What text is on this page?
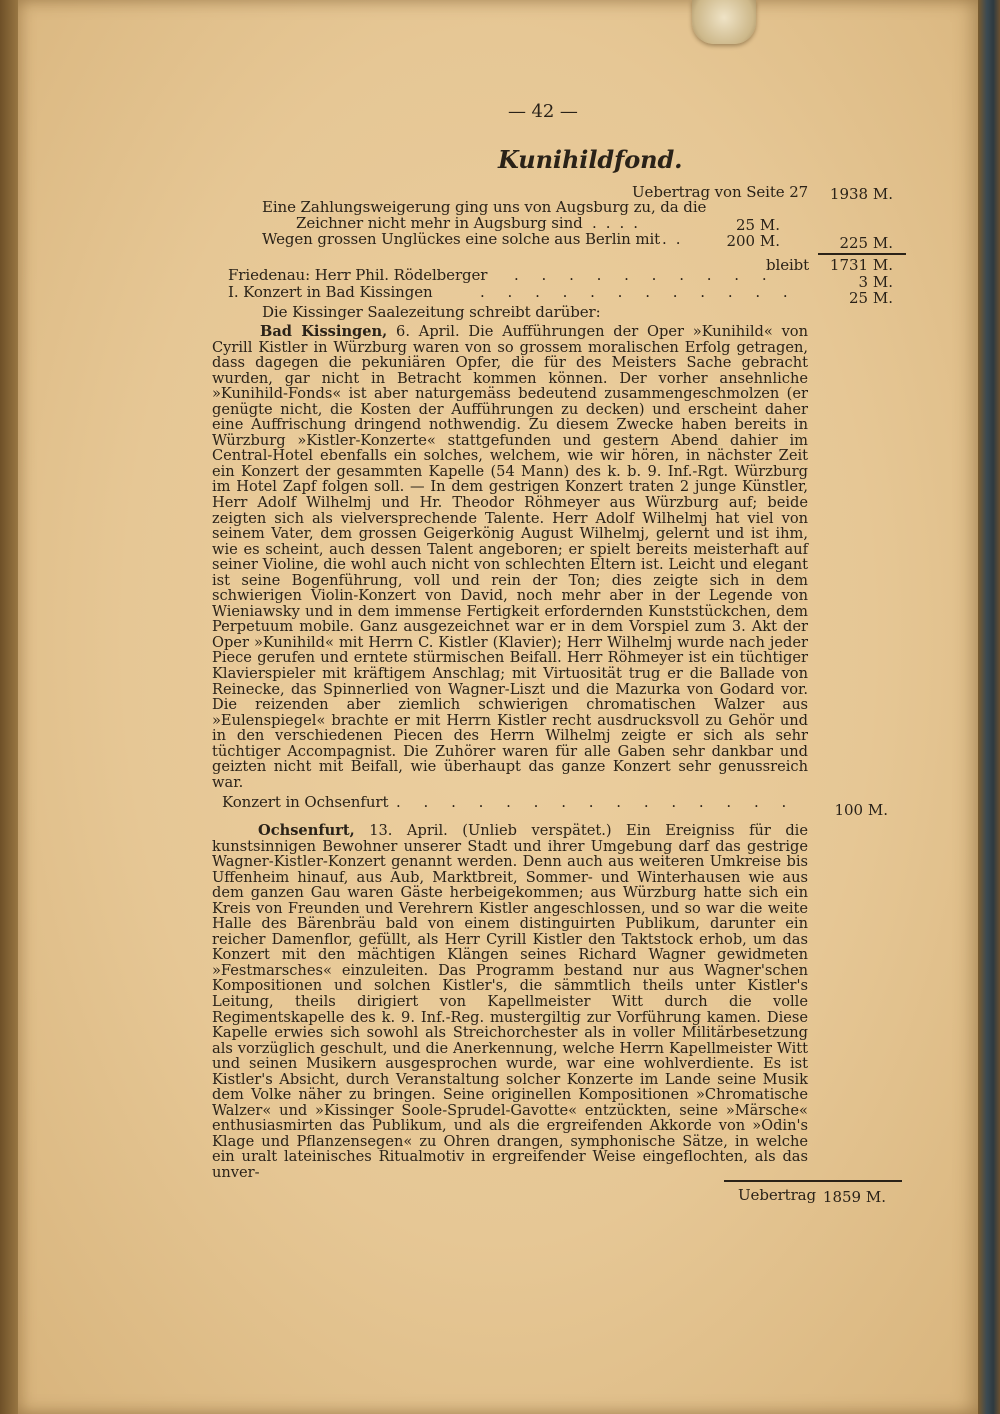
— 42 —
Kunihildfond.
Uebertrag von Seite 27 1938 M.
Eine Zahlungsweigerung ging uns von Augsburg zu, da die
Zeichner nicht mehr in Augsburg sind ....	25 M.
Wegen grossen Unglückes eine solche aus Berlin mit .. 200 M.	225 M.
bleibt 1731 M.
Friedenau: Herr Phil. Rödelberger . . . . . . . . . .	3 M.
I. Konzert in Bad Kissingen	. . . . . . . . . . . .	25 M.
Die Kissinger Saalezeitung schreibt darüber:
Bad Kissingen, 6. April. Die Aufführungen der Oper »Kunihild« von Cyrill Kistler in Würzburg waren von so grossem moralischen Erfolg getragen, dass dagegen die pekuniären Opfer, die für des Meisters Sache gebracht wurden, gar nicht in Betracht kommen können. Der vorher ansehnliche »Kunihild-Fonds« ist aber naturgemäss bedeutend zusammengeschmolzen (er genügte nicht, die Kosten der Aufführungen zu decken) und erscheint daher eine Auffrischung dringend nothwendig. Zu diesem Zwecke haben bereits in Würzburg »Kistler-Konzerte« stattgefunden und gestern Abend dahier im Central-Hotel ebenfalls ein solches, welchem, wie wir hören, in nächster Zeit ein Konzert der gesammten Kapelle (54 Mann) des k. b. 9. Inf.-Rgt. Würzburg im Hotel Zapf folgen soll. — In dem gestrigen Konzert traten 2 junge Künstler, Herr Adolf Wilhelmj und Hr. Theodor Röhmeyer aus Würzburg auf; beide zeigten sich als vielversprechende Talente. Herr Adolf Wilhelmj hat viel von seinem Vater, dem grossen Geigerkönig August Wilhelmj, gelernt und ist ihm, wie es scheint, auch dessen Talent angeboren; er spielt bereits meisterhaft auf seiner Violine, die wohl auch nicht von schlechten Eltern ist. Leicht und elegant ist seine Bogenführung, voll und rein der Ton; dies zeigte sich in dem schwierigen Violin-Konzert von David, noch mehr aber in der Legende von Wieniawsky und in dem immense Fertigkeit erfordernden Kunststückchen, dem Perpetuum mobile. Ganz ausgezeichnet war er in dem Vorspiel zum 3. Akt der Oper »Kunihild« mit Herrn C. Kistler (Klavier); Herr Wilhelmj wurde nach jeder Piece gerufen und erntete stürmischen Beifall. Herr Röhmeyer ist ein tüchtiger Klavierspieler mit kräftigem Anschlag; mit Virtuosität trug er die Ballade von Reinecke, das Spinnerlied von Wagner-Liszt und die Mazurka von Godard vor. Die reizenden aber ziemlich schwierigen chromatischen Walzer aus »Eulenspiegel« brachte er mit Herrn Kistler recht ausdrucksvoll zu Gehör und in den verschiedenen Piecen des Herrn Wilhelmj zeigte er sich als sehr tüchtiger Accompagnist. Die Zuhörer waren für alle Gaben sehr dankbar und geizten nicht mit Beifall, wie überhaupt das ganze Konzert sehr genussreich war.
Konzert in Ochsenfurt . . . . . . . . . . . . . . .	100 M.
Ochsenfurt, 13. April. (Unlieb verspätet.) Ein Ereigniss für die kunstsinnigen Bewohner unserer Stadt und ihrer Umgebung darf das gestrige Wagner-Kistler-Konzert genannt werden. Denn auch aus weiteren Umkreise bis Uffenheim hinauf, aus Aub, Marktbreit, Sommer- und Winterhausen wie aus dem ganzen Gau waren Gäste herbeigekommen; aus Würzburg hatte sich ein Kreis von Freunden und Verehrern Kistler angeschlossen, und so war die weite Halle des Bärenbräu bald von einem distinguirten Publikum, darunter ein reicher Damenflor, gefüllt, als Herr Cyrill Kistler den Taktstock erhob, um das Konzert mit den mächtigen Klängen seines Richard Wagner gewidmeten »Festmarsches« einzuleiten. Das Programm bestand nur aus Wagner'schen Kompositionen und solchen Kistler's, die sämmtlich theils unter Kistler's Leitung, theils dirigiert von Kapellmeister Witt durch die volle Regimentskapelle des k. 9. Inf.-Reg. mustergiltig zur Vorführung kamen. Diese Kapelle erwies sich sowohl als Streichorchester als in voller Militärbesetzung als vorzüglich geschult, und die Anerkennung, welche Herrn Kapellmeister Witt und seinen Musikern ausgesprochen wurde, war eine wohlverdiente. Es ist Kistler's Absicht, durch Veranstaltung solcher Konzerte im Lande seine Musik dem Volke näher zu bringen. Seine originellen Kompositionen »Chromatische Walzer« und »Kissinger Soole-Sprudel-Gavotte« entzückten, seine »Märsche« enthusiasmirten das Publikum, und als die ergreifenden Akkorde von »Odin's Klage und Pflanzensegen« zu Ohren drangen, symphonische Sätze, in welche ein uralt lateinisches Ritualmotiv in ergreifender Weise eingeflochten, als das unver-
Uebertrag 1859 M.
